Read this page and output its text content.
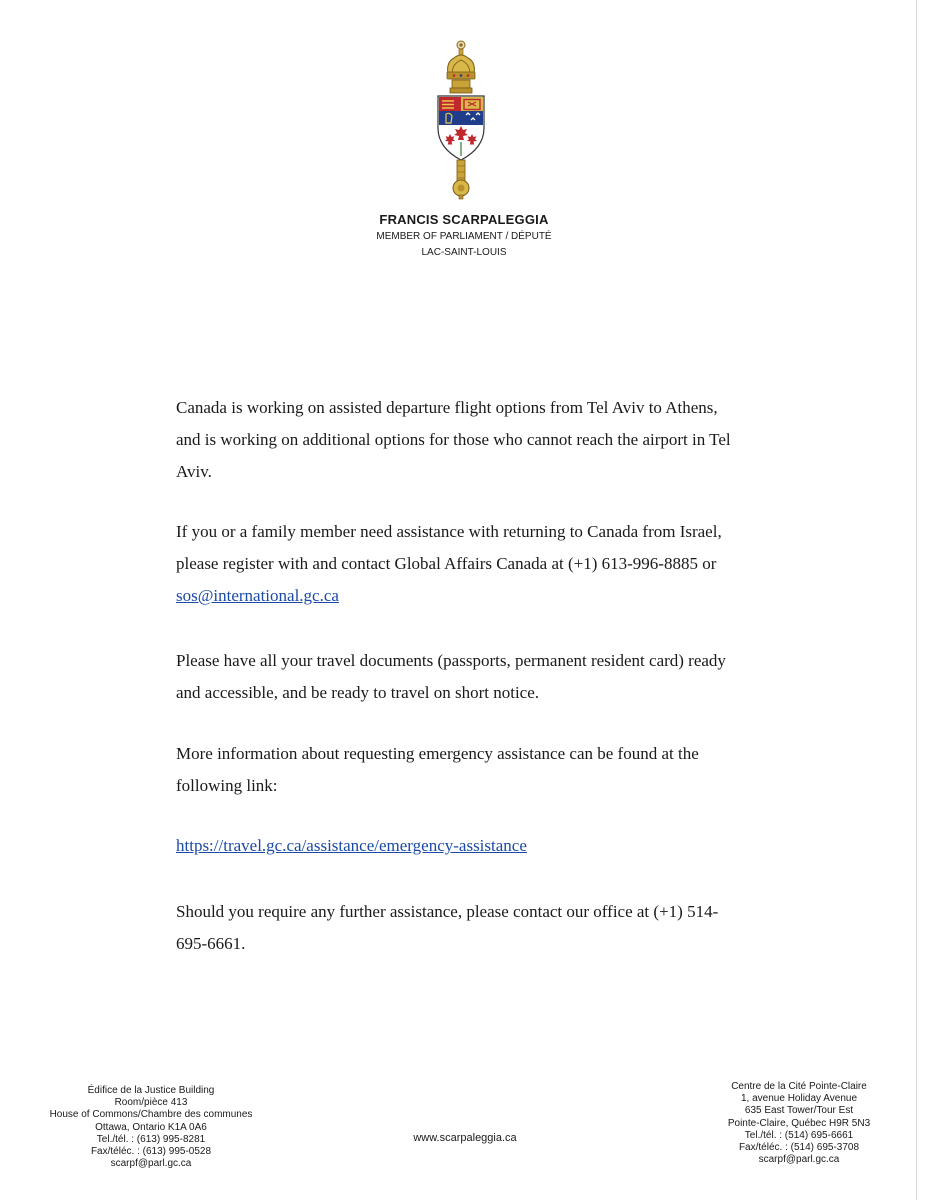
FRANCIS SCARPALEGGIA
MEMBER OF PARLIAMENT / DÉPUTÉ
LAC-SAINT-LOUIS

Canada is working on assisted departure flight options from Tel Aviv to Athens, and is working on additional options for those who cannot reach the airport in Tel Aviv.

If you or a family member need assistance with returning to Canada from Israel, please register with and contact Global Affairs Canada at (+1) 613-996-8885 or sos@international.gc.ca

Please have all your travel documents (passports, permanent resident card) ready and accessible, and be ready to travel on short notice.

More information about requesting emergency assistance can be found at the following link:

https://travel.gc.ca/assistance/emergency-assistance

Should you require any further assistance, please contact our office at (+1) 514-695-6661.

Édifice de la Justice Building
Room/pièce 413
House of Commons/Chambre des communes
Ottawa, Ontario K1A 0A6
Tel./tél. : (613) 995-8281
Fax/téléc. : (613) 995-0528
scarpf@parl.gc.ca
www.scarpaleggia.ca
Centre de la Cité Pointe-Claire
1, avenue Holiday Avenue
635 East Tower/Tour Est
Pointe-Claire, Québec H9R 5N3
Tel./tél. : (514) 695-6661
Fax/téléc. : (514) 695-3708
scarpf@parl.gc.ca
